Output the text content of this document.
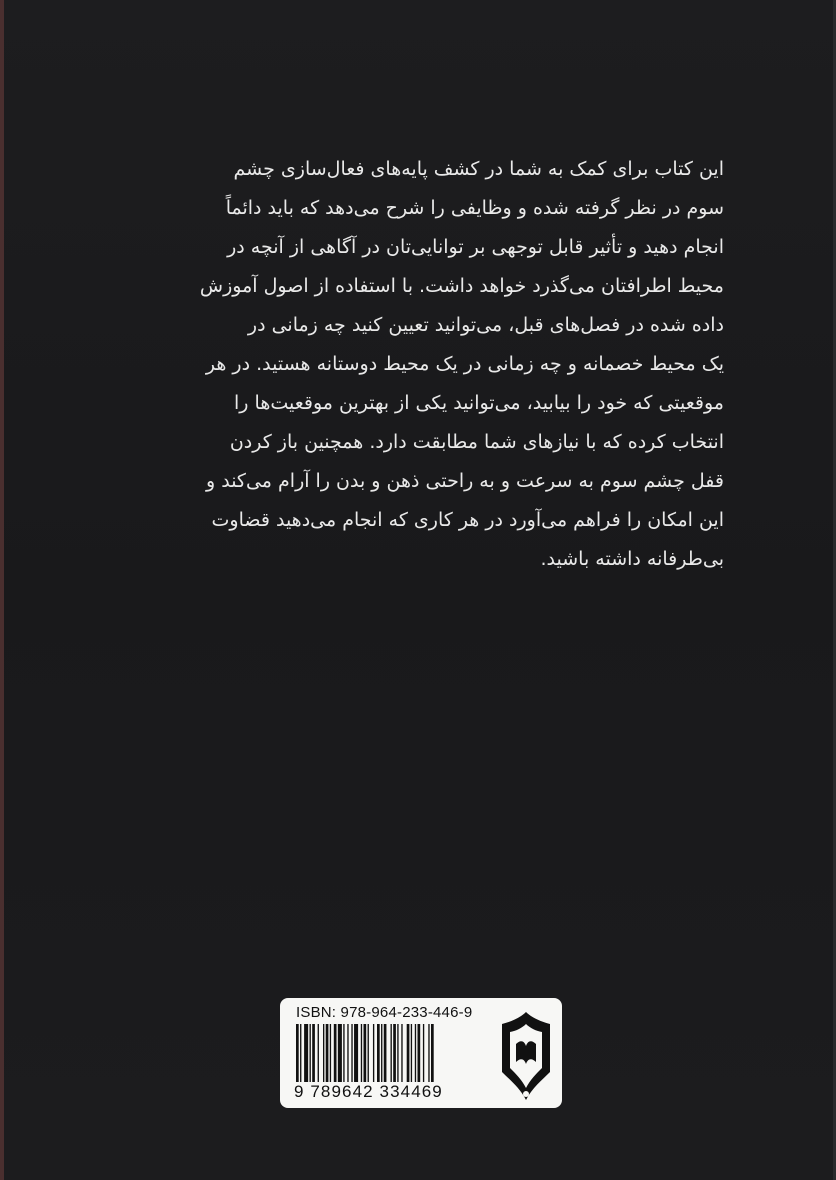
این کتاب برای کمک به شما در کشف پایه‌های فعال‌سازی چشم
سوم در نظر گرفته شده و وظایفی را شرح می‌دهد که باید دائماً
انجام دهید و تأثیر قابل توجهی بر توانایی‌تان در آگاهی از آنچه در
محیط اطرافتان می‌گذرد خواهد داشت. با استفاده از اصول آموزش
داده شده در فصل‌های قبل، می‌توانید تعیین کنید چه زمانی در
یک محیط خصمانه و چه زمانی در یک محیط دوستانه هستید. در هر
موقعیتی که خود را بیابید، می‌توانید یکی از بهترین موقعیت‌ها را
انتخاب کرده که با نیازهای شما مطابقت دارد. همچنین باز کردن
قفل چشم سوم به سرعت و به راحتی ذهن و بدن را آرام می‌کند و
این امکان را فراهم می‌آورد در هر کاری که انجام می‌دهید قضاوت
بی‌طرفانه داشته باشید.

ISBN: 978-964-233-446-9

9 789642 334469
